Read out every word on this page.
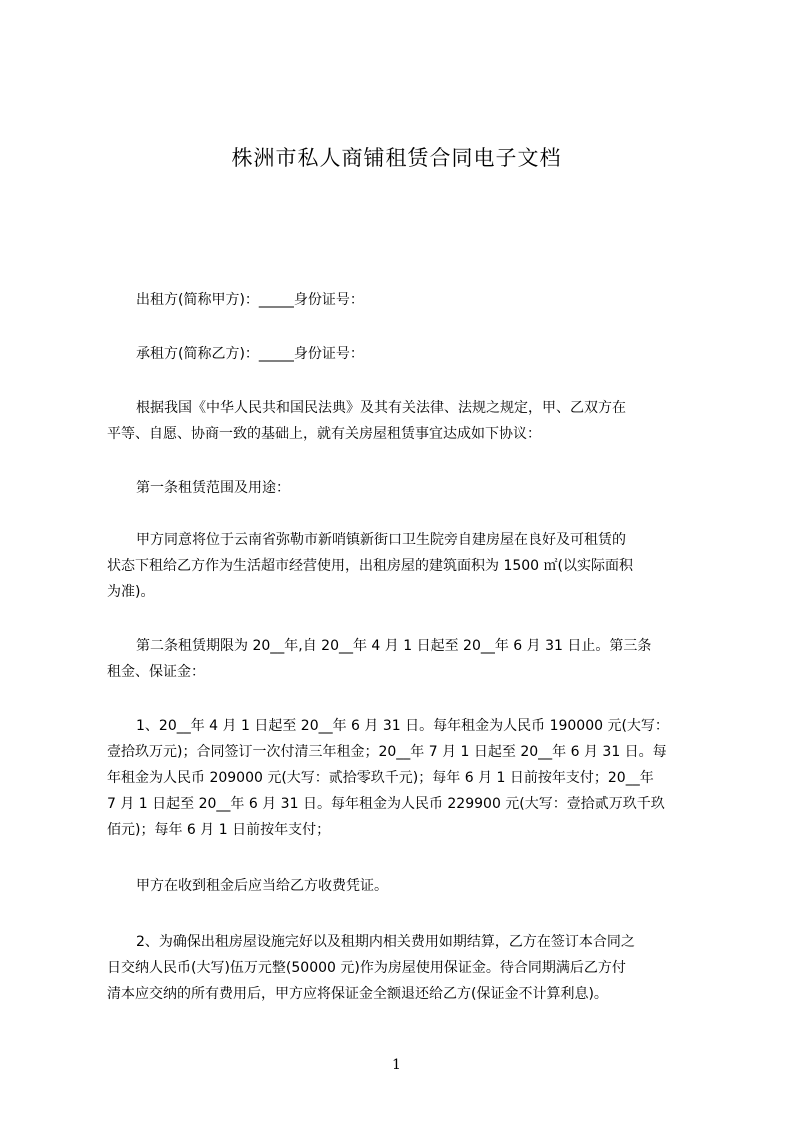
株洲市私人商铺租赁合同电子文档

出租方(简称甲方)：_____身份证号：

承租方(简称乙方)：_____身份证号：

根据我国《中华人民共和国民法典》及其有关法律、法规之规定，甲、乙双方在
平等、自愿、协商一致的基础上，就有关房屋租赁事宜达成如下协议：

第一条租赁范围及用途：

甲方同意将位于云南省弥勒市新哨镇新街口卫生院旁自建房屋在良好及可租赁的
状态下租给乙方作为生活超市经营使用，出租房屋的建筑面积为 1500 ㎡(以实际面积
为准)。

第二条租赁期限为 20__年,自 20__年 4 月 1 日起至 20__年 6 月 31 日止。第三条
租金、保证金：

1、20__年 4 月 1 日起至 20__年 6 月 31 日。每年租金为人民币 190000 元(大写：
壹拾玖万元)；合同签订一次付清三年租金；20__年 7 月 1 日起至 20__年 6 月 31 日。每
年租金为人民币 209000 元(大写：贰拾零玖千元)；每年 6 月 1 日前按年支付；20__年
7 月 1 日起至 20__年 6 月 31 日。每年租金为人民币 229900 元(大写：壹拾贰万玖千玖
佰元)；每年 6 月 1 日前按年支付；

甲方在收到租金后应当给乙方收费凭证。

2、为确保出租房屋设施完好以及租期内相关费用如期结算，乙方在签订本合同之
日交纳人民币(大写)伍万元整(50000 元)作为房屋使用保证金。待合同期满后乙方付
清本应交纳的所有费用后，甲方应将保证金全额退还给乙方(保证金不计算利息)。

1
